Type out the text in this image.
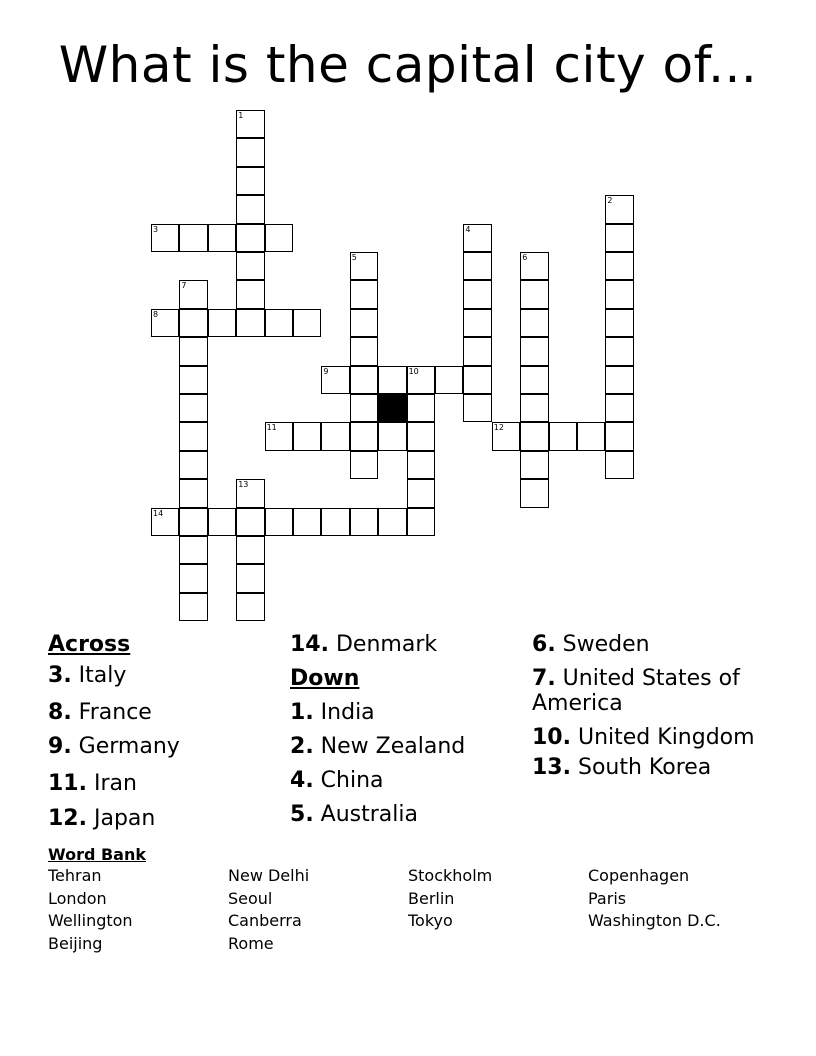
What is the capital city of...
1
2
3	4
5	6
7
8
9	10
11	12
13
14
Across
3. Italy
8. France
9. Germany
11. Iran
12. Japan
14. Denmark
Down
1. India
2. New Zealand
4. China
5. Australia
6. Sweden
7. United States of America
10. United Kingdom
13. South Korea
Word Bank
Tehran	New Delhi	Stockholm	Copenhagen
London	Seoul	Berlin	Paris
Wellington	Canberra	Tokyo	Washington D.C.
Beijing	Rome
